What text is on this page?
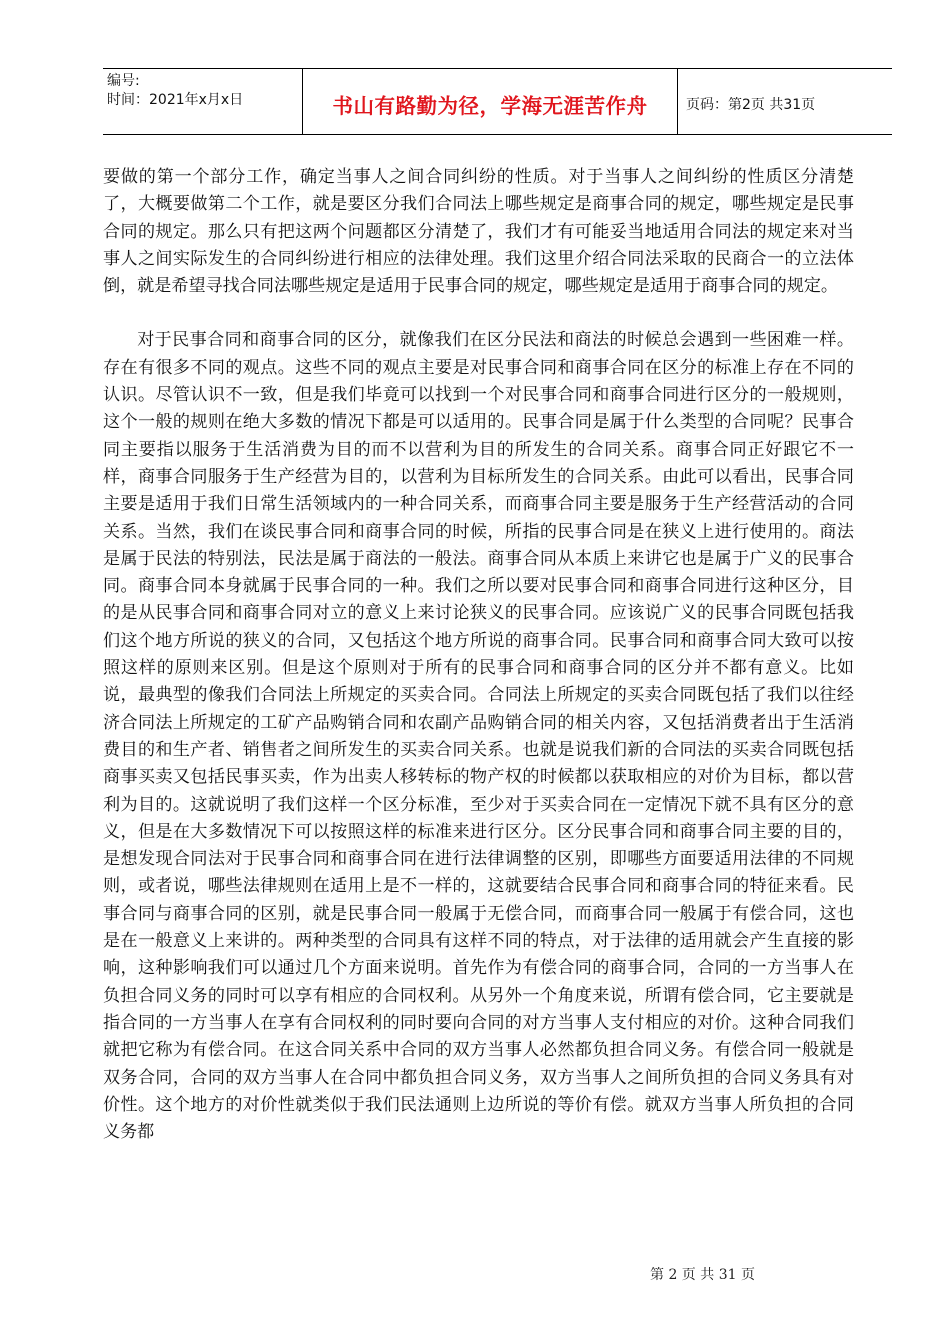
编号:
时间：2021年x月x日	书山有路勤为径，学海无涯苦作舟	页码：第2页 共31页

要做的第一个部分工作，确定当事人之间合同纠纷的性质。对于当事人之间纠纷的性质区分清楚了，大概要做第二个工作，就是要区分我们合同法上哪些规定是商事合同的规定，哪些规定是民事合同的规定。那么只有把这两个问题都区分清楚了，我们才有可能妥当地适用合同法的规定来对当事人之间实际发生的合同纠纷进行相应的法律处理。我们这里介绍合同法采取的民商合一的立法体倒，就是希望寻找合同法哪些规定是适用于民事合同的规定，哪些规定是适用于商事合同的规定。

对于民事合同和商事合同的区分，就像我们在区分民法和商法的时候总会遇到一些困难一样。存在有很多不同的观点。这些不同的观点主要是对民事合同和商事合同在区分的标准上存在不同的认识。尽管认识不一致，但是我们毕竟可以找到一个对民事合同和商事合同进行区分的一般规则，这个一般的规则在绝大多数的情况下都是可以适用的。民事合同是属于什么类型的合同呢？民事合同主要指以服务于生活消费为目的而不以营利为目的所发生的合同关系。商事合同正好跟它不一样，商事合同服务于生产经营为目的，以营利为目标所发生的合同关系。由此可以看出，民事合同主要是适用于我们日常生活领域内的一种合同关系，而商事合同主要是服务于生产经营活动的合同关系。当然，我们在谈民事合同和商事合同的时候，所指的民事合同是在狭义上进行使用的。商法是属于民法的特别法，民法是属于商法的一般法。商事合同从本质上来讲它也是属于广义的民事合同。商事合同本身就属于民事合同的一种。我们之所以要对民事合同和商事合同进行这种区分，目的是从民事合同和商事合同对立的意义上来讨论狭义的民事合同。应该说广义的民事合同既包括我们这个地方所说的狭义的合同，又包括这个地方所说的商事合同。民事合同和商事合同大致可以按照这样的原则来区别。但是这个原则对于所有的民事合同和商事合同的区分并不都有意义。比如说，最典型的像我们合同法上所规定的买卖合同。合同法上所规定的买卖合同既包括了我们以往经济合同法上所规定的工矿产品购销合同和农副产品购销合同的相关内容，又包括消费者出于生活消费目的和生产者、销售者之间所发生的买卖合同关系。也就是说我们新的合同法的买卖合同既包括商事买卖又包括民事买卖，作为出卖人移转标的物产权的时候都以获取相应的对价为目标，都以营利为目的。这就说明了我们这样一个区分标准，至少对于买卖合同在一定情况下就不具有区分的意义，但是在大多数情况下可以按照这样的标准来进行区分。区分民事合同和商事合同主要的目的，是想发现合同法对于民事合同和商事合同在进行法律调整的区别，即哪些方面要适用法律的不同规则，或者说，哪些法律规则在适用上是不一样的，这就要结合民事合同和商事合同的特征来看。民事合同与商事合同的区别，就是民事合同一般属于无偿合同，而商事合同一般属于有偿合同，这也是在一般意义上来讲的。两种类型的合同具有这样不同的特点，对于法律的适用就会产生直接的影响，这种影响我们可以通过几个方面来说明。首先作为有偿合同的商事合同，合同的一方当事人在负担合同义务的同时可以享有相应的合同权利。从另外一个角度来说，所谓有偿合同，它主要就是指合同的一方当事人在享有合同权利的同时要向合同的对方当事人支付相应的对价。这种合同我们就把它称为有偿合同。在这合同关系中合同的双方当事人必然都负担合同义务。有偿合同一般就是双务合同，合同的双方当事人在合同中都负担合同义务，双方当事人之间所负担的合同义务具有对价性。这个地方的对价性就类似于我们民法通则上边所说的等价有偿。就双方当事人所负担的合同义务都

第 2 页 共 31 页
